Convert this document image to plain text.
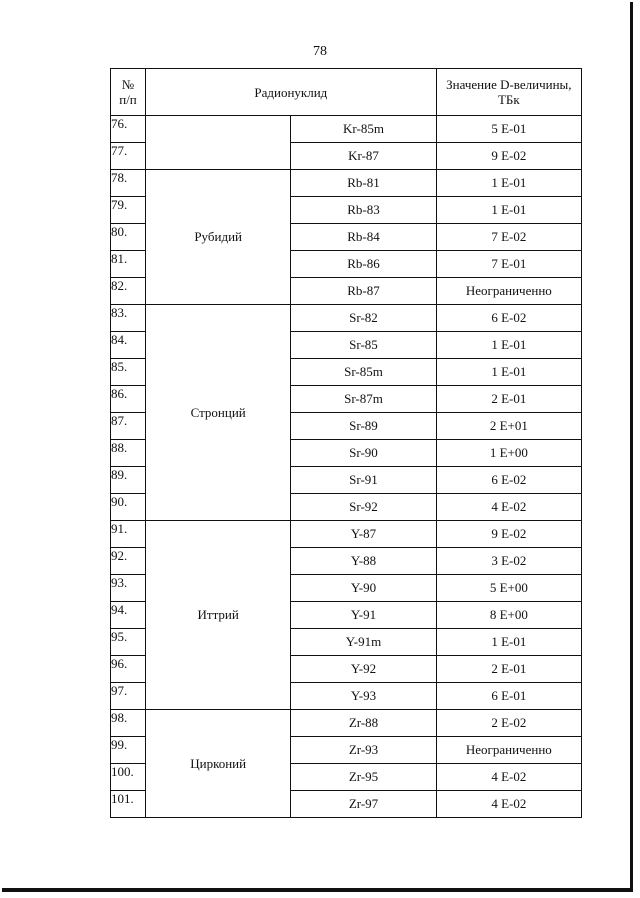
78
№
п/п	Радионуклид		Значение D-величины,
ТБк
76.		Kr-85m	5 E-01
77.		Kr-87	9 E-02
78.	Рубидий	Rb-81	1 E-01
79.		Rb-83	1 E-01
80.		Rb-84	7 E-02
81.		Rb-86	7 E-01
82.		Rb-87	Неограниченно
83.	Стронций	Sr-82	6 E-02
84.		Sr-85	1 E-01
85.		Sr-85m	1 E-01
86.		Sr-87m	2 E-01
87.		Sr-89	2 E+01
88.		Sr-90	1 E+00
89.		Sr-91	6 E-02
90.		Sr-92	4 E-02
91.	Иттрий	Y-87	9 E-02
92.		Y-88	3 E-02
93.		Y-90	5 E+00
94.		Y-91	8 E+00
95.		Y-91m	1 E-01
96.		Y-92	2 E-01
97.		Y-93	6 E-01
98.	Цирконий	Zr-88	2 E-02
99.		Zr-93	Неограниченно
100.		Zr-95	4 E-02
101.		Zr-97	4 E-02
